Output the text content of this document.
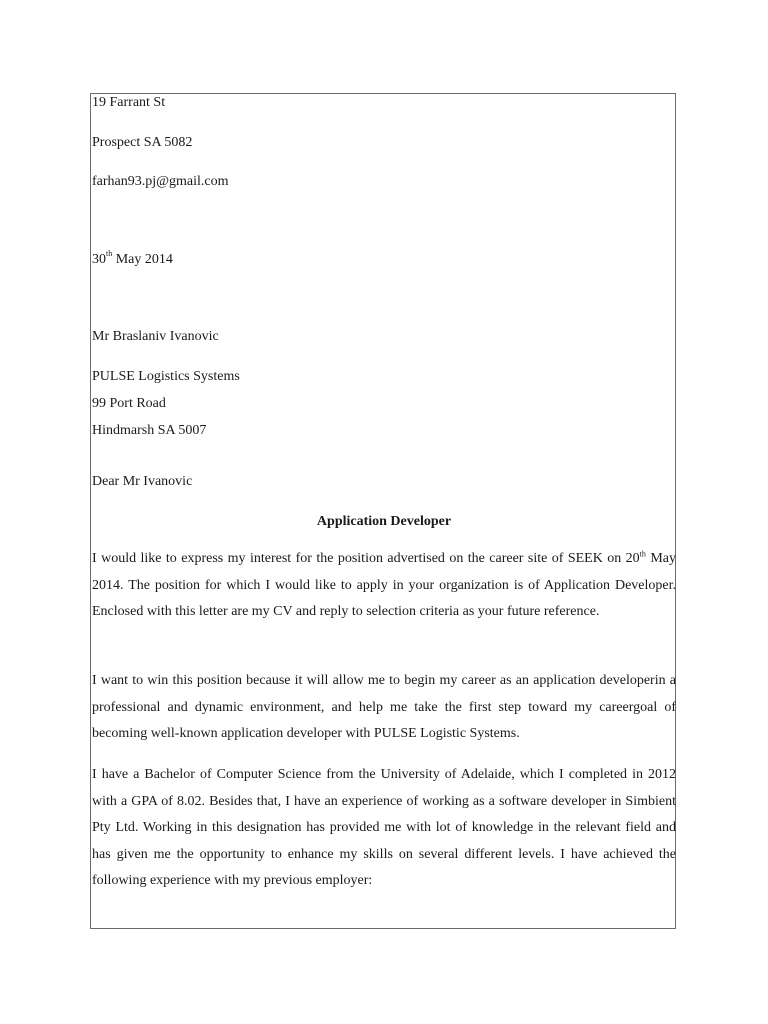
19 Farrant St
Prospect SA 5082
farhan93.pj@gmail.com
30th May 2014
Mr Braslaniv Ivanovic
PULSE Logistics Systems
99 Port Road
Hindmarsh SA 5007
Dear Mr Ivanovic
Application Developer
I would like to express my interest for the position advertised on the career site of SEEK on 20th May 2014. The position for which I would like to apply in your organization is of Application Developer. Enclosed with this letter are my CV and reply to selection criteria as your future reference.
I want to win this position because it will allow me to begin my career as an application developerin a professional and dynamic environment, and help me take the first step toward my careergoal of becoming well-known application developer with PULSE Logistic Systems.
I have a Bachelor of Computer Science from the University of Adelaide, which I completed in 2012 with a GPA of 8.02. Besides that, I have an experience of working as a software developer in Simbient Pty Ltd. Working in this designation has provided me with lot of knowledge in the relevant field and has given me the opportunity to enhance my skills on several different levels. I have achieved the following experience with my previous employer:
